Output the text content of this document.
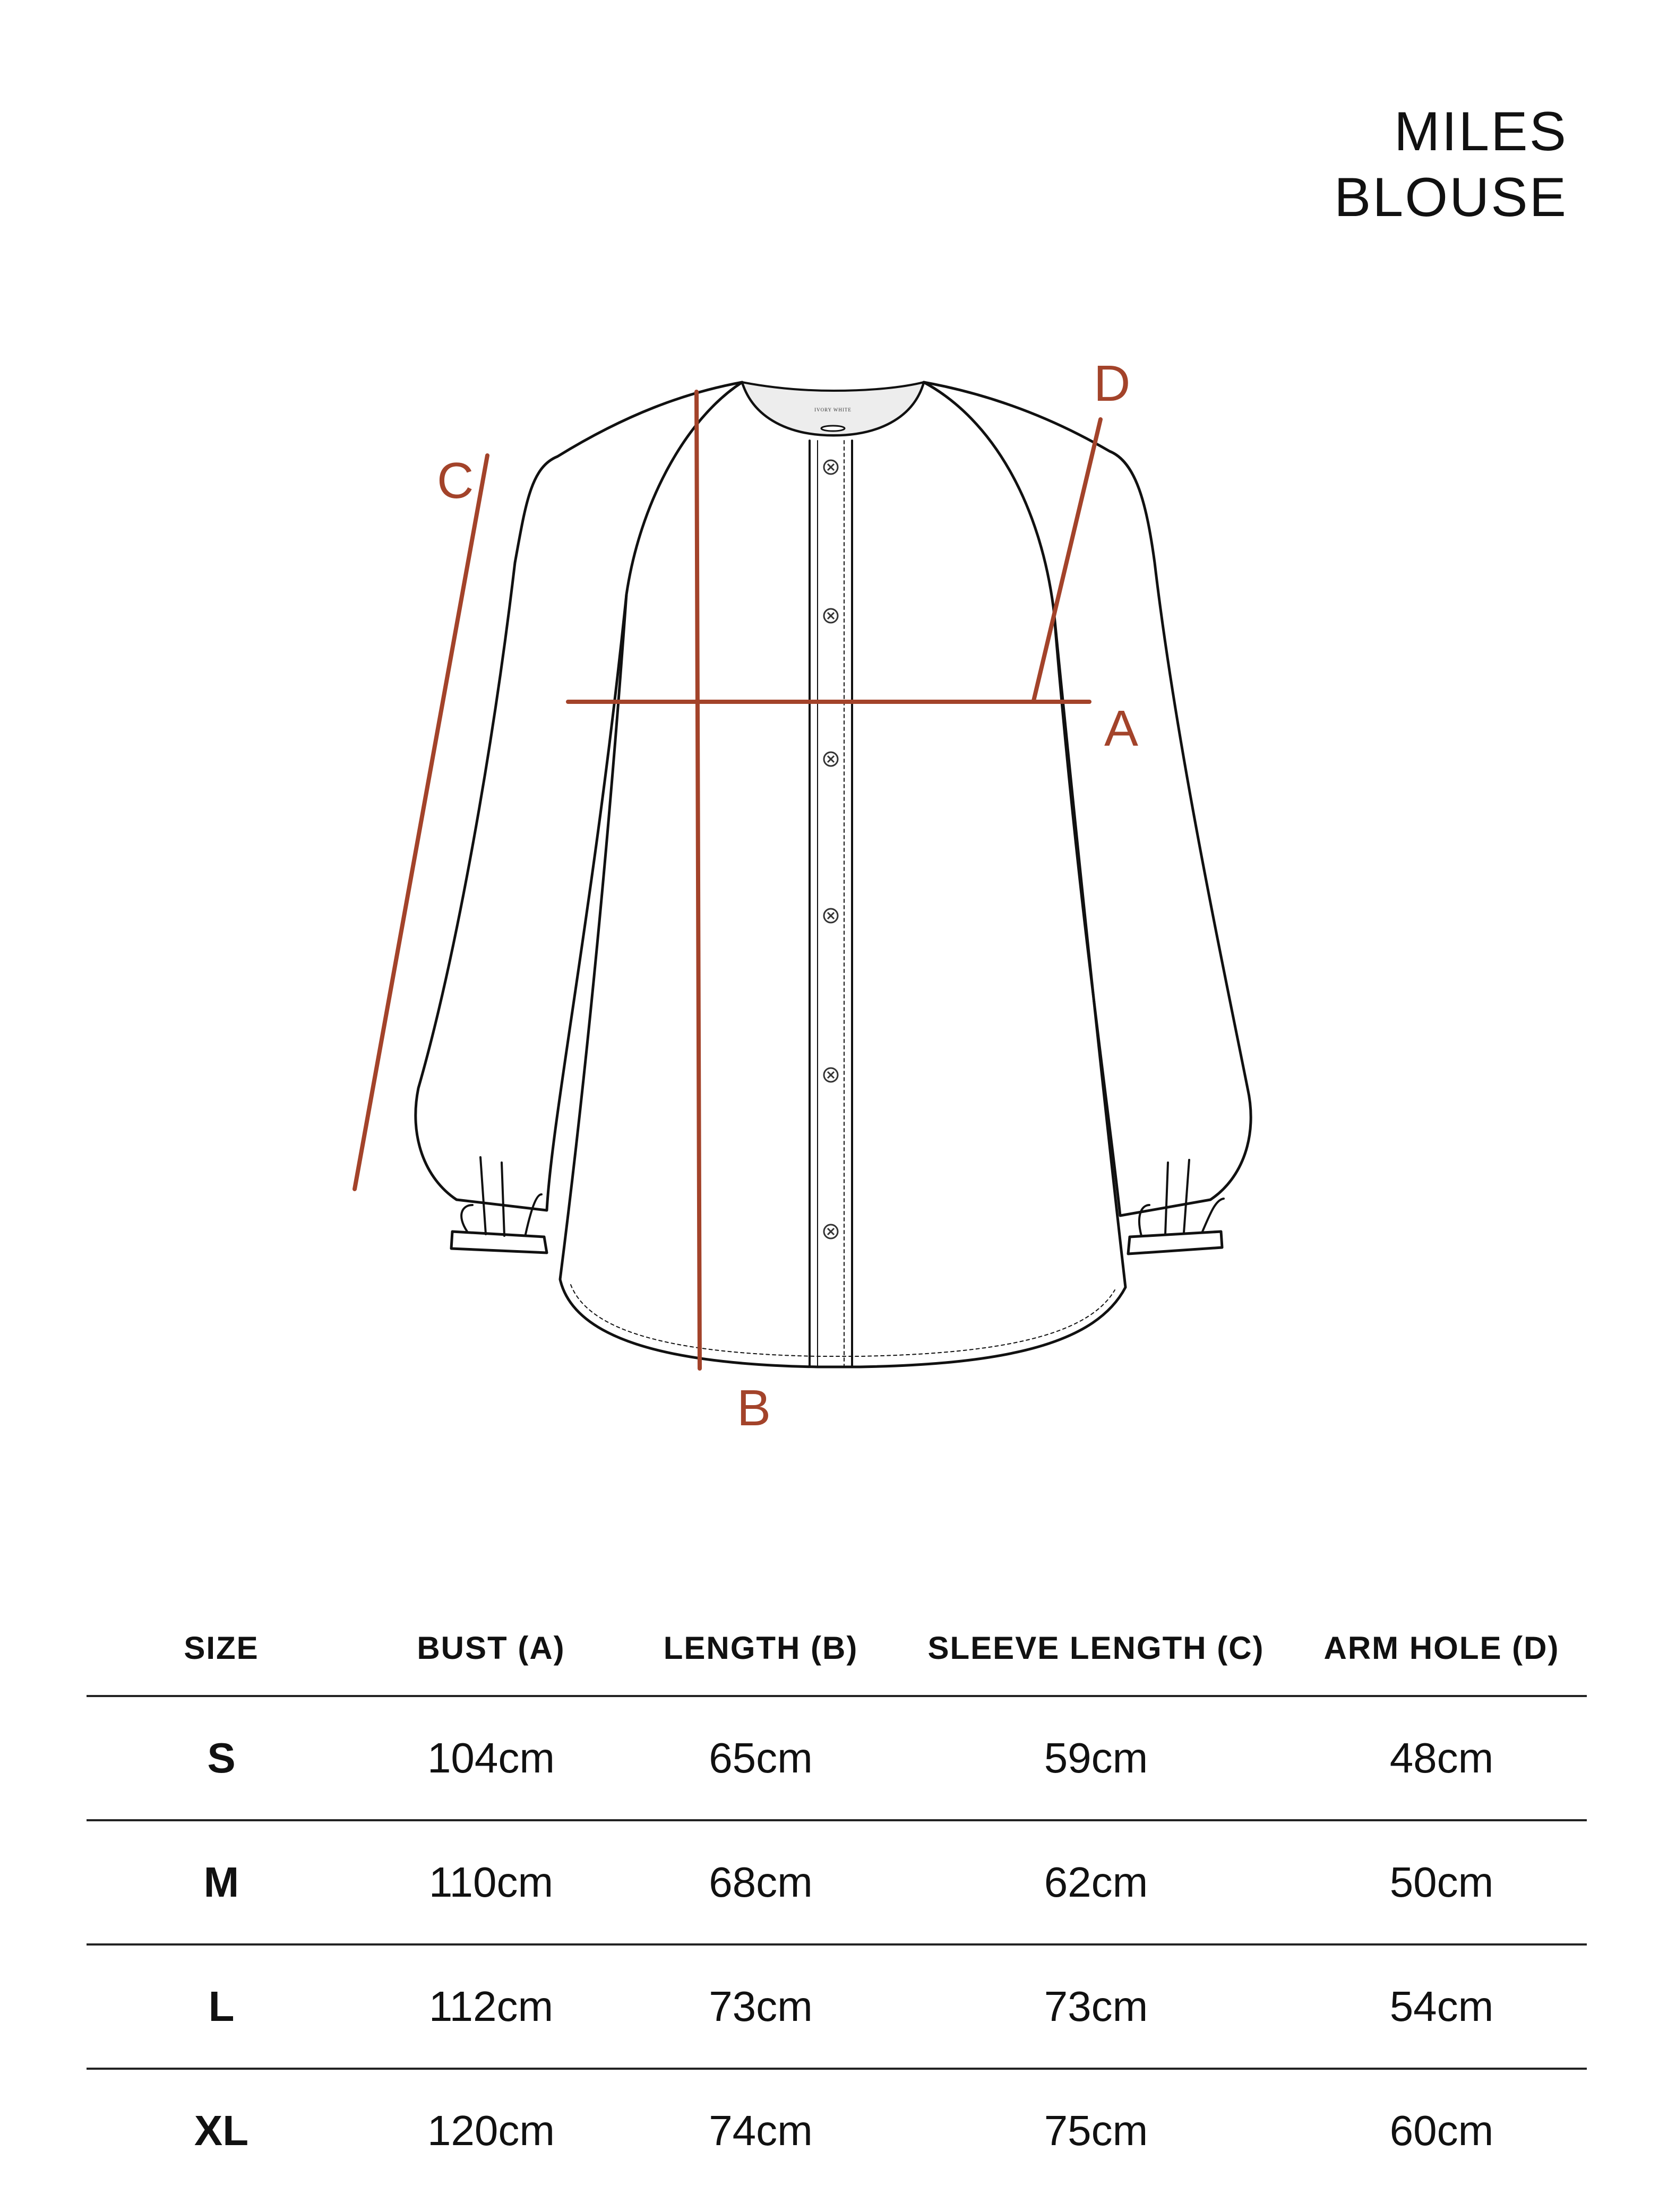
MILES
BLOUSE
IVORY WHITE
A
B
C
D
SIZE	BUST (A)	LENGTH (B)	SLEEVE LENGTH (C)	ARM HOLE (D)
S	104cm	65cm	59cm	48cm
M	110cm	68cm	62cm	50cm
L	112cm	73cm	73cm	54cm
XL	120cm	74cm	75cm	60cm
